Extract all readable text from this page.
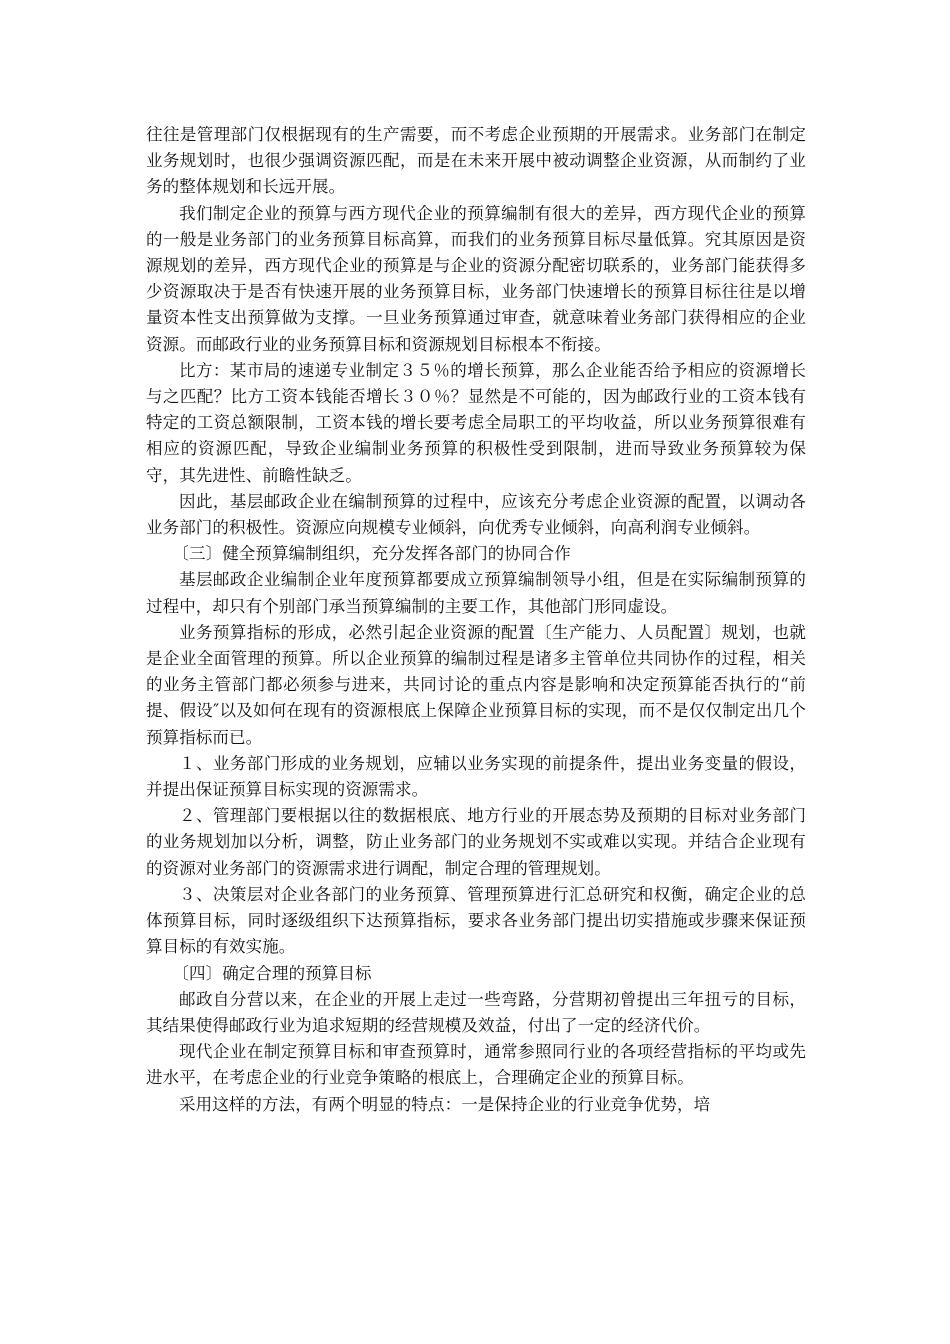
往往是管理部门仅根据现有的生产需要，而不考虑企业预期的开展需求。业务部门在制定业务规划时，也很少强调资源匹配，而是在未来开展中被动调整企业资源，从而制约了业务的整体规划和长远开展。

我们制定企业的预算与西方现代企业的预算编制有很大的差异，西方现代企业的预算的一般是业务部门的业务预算目标高算，而我们的业务预算目标尽量低算。究其原因是资源规划的差异，西方现代企业的预算是与企业的资源分配密切联系的，业务部门能获得多少资源取决于是否有快速开展的业务预算目标，业务部门快速增长的预算目标往往是以增量资本性支出预算做为支撑。一旦业务预算通过审查，就意味着业务部门获得相应的企业资源。而邮政行业的业务预算目标和资源规划目标根本不衔接。

比方：某市局的速递专业制定３５％的增长预算，那么企业能否给予相应的资源增长与之匹配？比方工资本钱能否增长３０％？显然是不可能的，因为邮政行业的工资本钱有特定的工资总额限制，工资本钱的增长要考虑全局职工的平均收益，所以业务预算很难有相应的资源匹配，导致企业编制业务预算的积极性受到限制，进而导致业务预算较为保守，其先进性、前瞻性缺乏。

因此，基层邮政企业在编制预算的过程中，应该充分考虑企业资源的配置，以调动各业务部门的积极性。资源应向规模专业倾斜，向优秀专业倾斜，向高利润专业倾斜。

〔三〕健全预算编制组织，充分发挥各部门的协同合作

基层邮政企业编制企业年度预算都要成立预算编制领导小组，但是在实际编制预算的过程中，却只有个别部门承当预算编制的主要工作，其他部门形同虚设。

业务预算指标的形成，必然引起企业资源的配置〔生产能力、人员配置〕规划，也就是企业全面管理的预算。所以企业预算的编制过程是诸多主管单位共同协作的过程，相关的业务主管部门都必须参与进来，共同讨论的重点内容是影响和决定预算能否执行的“前提、假设″以及如何在现有的资源根底上保障企业预算目标的实现，而不是仅仅制定出几个预算指标而已。

１、业务部门形成的业务规划，应辅以业务实现的前提条件，提出业务变量的假设，并提出保证预算目标实现的资源需求。

２、管理部门要根据以往的数据根底、地方行业的开展态势及预期的目标对业务部门的业务规划加以分析，调整，防止业务部门的业务规划不实或难以实现。并结合企业现有的资源对业务部门的资源需求进行调配，制定合理的管理规划。

３、决策层对企业各部门的业务预算、管理预算进行汇总研究和权衡，确定企业的总体预算目标，同时逐级组织下达预算指标，要求各业务部门提出切实措施或步骤来保证预算目标的有效实施。

〔四〕确定合理的预算目标

邮政自分营以来，在企业的开展上走过一些弯路，分营期初曾提出三年扭亏的目标，其结果使得邮政行业为追求短期的经营规模及效益，付出了一定的经济代价。

现代企业在制定预算目标和审查预算时，通常参照同行业的各项经营指标的平均或先进水平，在考虑企业的行业竞争策略的根底上，合理确定企业的预算目标。

采用这样的方法，有两个明显的特点：一是保持企业的行业竞争优势，培
